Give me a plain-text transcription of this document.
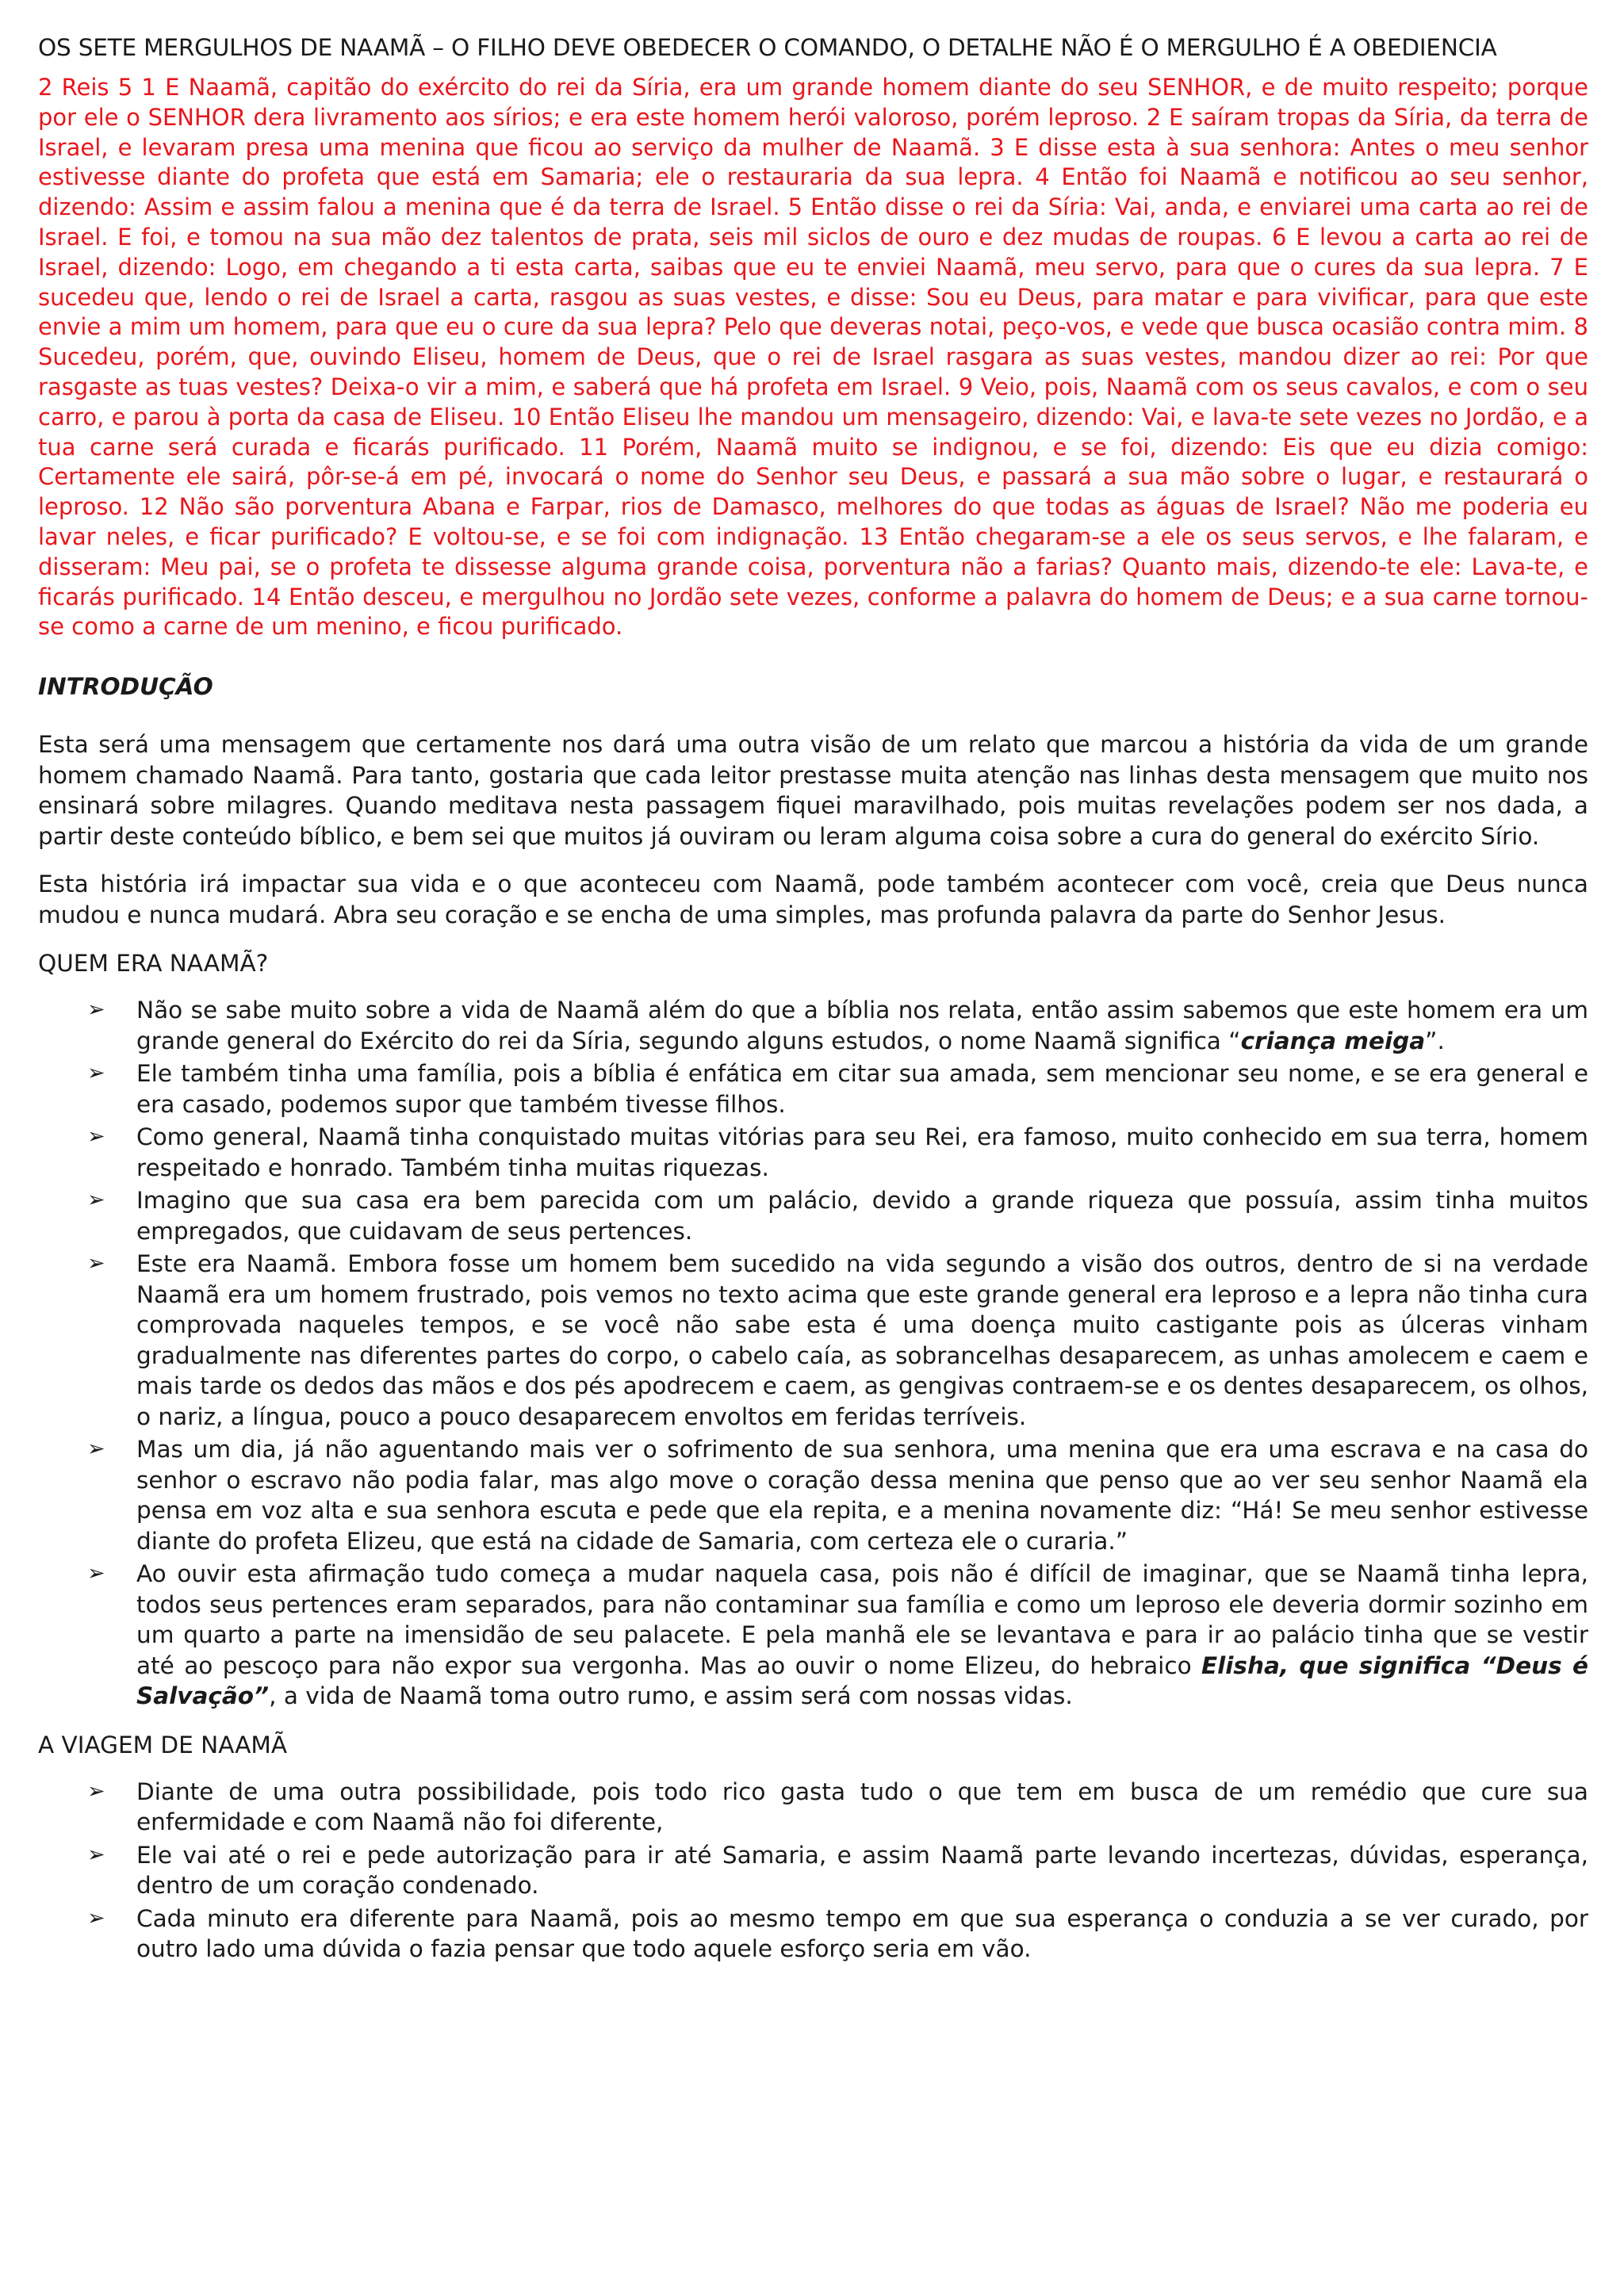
OS SETE MERGULHOS DE NAAMÃ – O FILHO DEVE OBEDECER O COMANDO, O DETALHE NÃO É O MERGULHO É A OBEDIENCIA
2 Reis 5 1 E Naamã, capitão do exército do rei da Síria, era um grande homem diante do seu SENHOR, e de muito respeito; porque por ele o SENHOR dera livramento aos sírios; e era este homem herói valoroso, porém leproso. 2 E saíram tropas da Síria, da terra de Israel, e levaram presa uma menina que ficou ao serviço da mulher de Naamã. 3 E disse esta à sua senhora: Antes o meu senhor estivesse diante do profeta que está em Samaria; ele o restauraria da sua lepra. 4 Então foi Naamã e notificou ao seu senhor, dizendo: Assim e assim falou a menina que é da terra de Israel. 5 Então disse o rei da Síria: Vai, anda, e enviarei uma carta ao rei de Israel. E foi, e tomou na sua mão dez talentos de prata, seis mil siclos de ouro e dez mudas de roupas. 6 E levou a carta ao rei de Israel, dizendo: Logo, em chegando a ti esta carta, saibas que eu te enviei Naamã, meu servo, para que o cures da sua lepra. 7 E sucedeu que, lendo o rei de Israel a carta, rasgou as suas vestes, e disse: Sou eu Deus, para matar e para vivificar, para que este envie a mim um homem, para que eu o cure da sua lepra? Pelo que deveras notai, peço-vos, e vede que busca ocasião contra mim. 8 Sucedeu, porém, que, ouvindo Eliseu, homem de Deus, que o rei de Israel rasgara as suas vestes, mandou dizer ao rei: Por que rasgaste as tuas vestes? Deixa-o vir a mim, e saberá que há profeta em Israel. 9 Veio, pois, Naamã com os seus cavalos, e com o seu carro, e parou à porta da casa de Eliseu. 10 Então Eliseu lhe mandou um mensageiro, dizendo: Vai, e lava-te sete vezes no Jordão, e a tua carne será curada e ficarás purificado. 11 Porém, Naamã muito se indignou, e se foi, dizendo: Eis que eu dizia comigo: Certamente ele sairá, pôr-se-á em pé, invocará o nome do Senhor seu Deus, e passará a sua mão sobre o lugar, e restaurará o leproso. 12 Não são porventura Abana e Farpar, rios de Damasco, melhores do que todas as águas de Israel? Não me poderia eu lavar neles, e ficar purificado? E voltou-se, e se foi com indignação. 13 Então chegaram-se a ele os seus servos, e lhe falaram, e disseram: Meu pai, se o profeta te dissesse alguma grande coisa, porventura não a farias? Quanto mais, dizendo-te ele: Lava-te, e ficarás purificado. 14 Então desceu, e mergulhou no Jordão sete vezes, conforme a palavra do homem de Deus; e a sua carne tornou-se como a carne de um menino, e ficou purificado.
INTRODUÇÃO

Esta será uma mensagem que certamente nos dará uma outra visão de um relato que marcou a história da vida de um grande homem chamado Naamã. Para tanto, gostaria que cada leitor prestasse muita atenção nas linhas desta mensagem que muito nos ensinará sobre milagres. Quando meditava nesta passagem fiquei maravilhado, pois muitas revelações podem ser nos dada, a partir deste conteúdo bíblico, e bem sei que muitos já ouviram ou leram alguma coisa sobre a cura do general do exército Sírio.

Esta história irá impactar sua vida e o que aconteceu com Naamã, pode também acontecer com você, creia que Deus nunca mudou e nunca mudará. Abra seu coração e se encha de uma simples, mas profunda palavra da parte do Senhor Jesus.

QUEM ERA NAAMÃ?
➢ Não se sabe muito sobre a vida de Naamã além do que a bíblia nos relata, então assim sabemos que este homem era um grande general do Exército do rei da Síria, segundo alguns estudos, o nome Naamã significa “criança meiga”.
➢ Ele também tinha uma família, pois a bíblia é enfática em citar sua amada, sem mencionar seu nome, e se era general e era casado, podemos supor que também tivesse filhos.
➢ Como general, Naamã tinha conquistado muitas vitórias para seu Rei, era famoso, muito conhecido em sua terra, homem respeitado e honrado. Também tinha muitas riquezas.
➢ Imagino que sua casa era bem parecida com um palácio, devido a grande riqueza que possuía, assim tinha muitos empregados, que cuidavam de seus pertences.
➢ Este era Naamã. Embora fosse um homem bem sucedido na vida segundo a visão dos outros, dentro de si na verdade Naamã era um homem frustrado, pois vemos no texto acima que este grande general era leproso e a lepra não tinha cura comprovada naqueles tempos, e se você não sabe esta é uma doença muito castigante pois as úlceras vinham gradualmente nas diferentes partes do corpo, o cabelo caía, as sobrancelhas desaparecem, as unhas amolecem e caem e mais tarde os dedos das mãos e dos pés apodrecem e caem, as gengivas contraem-se e os dentes desaparecem, os olhos, o nariz, a língua, pouco a pouco desaparecem envoltos em feridas terríveis.
➢ Mas um dia, já não aguentando mais ver o sofrimento de sua senhora, uma menina que era uma escrava e na casa do senhor o escravo não podia falar, mas algo move o coração dessa menina que penso que ao ver seu senhor Naamã ela pensa em voz alta e sua senhora escuta e pede que ela repita, e a menina novamente diz: “Há! Se meu senhor estivesse diante do profeta Elizeu, que está na cidade de Samaria, com certeza ele o curaria.”
➢ Ao ouvir esta afirmação tudo começa a mudar naquela casa, pois não é difícil de imaginar, que se Naamã tinha lepra, todos seus pertences eram separados, para não contaminar sua família e como um leproso ele deveria dormir sozinho em um quarto a parte na imensidão de seu palacete. E pela manhã ele se levantava e para ir ao palácio tinha que se vestir até ao pescoço para não expor sua vergonha. Mas ao ouvir o nome Elizeu, do hebraico Elisha, que significa “Deus é Salvação”, a vida de Naamã toma outro rumo, e assim será com nossas vidas.
A VIAGEM DE NAAMÃ
➢ Diante de uma outra possibilidade, pois todo rico gasta tudo o que tem em busca de um remédio que cure sua enfermidade e com Naamã não foi diferente,
➢ Ele vai até o rei e pede autorização para ir até Samaria, e assim Naamã parte levando incertezas, dúvidas, esperança, dentro de um coração condenado.
➢ Cada minuto era diferente para Naamã, pois ao mesmo tempo em que sua esperança o conduzia a se ver curado, por outro lado uma dúvida o fazia pensar que todo aquele esforço seria em vão.
